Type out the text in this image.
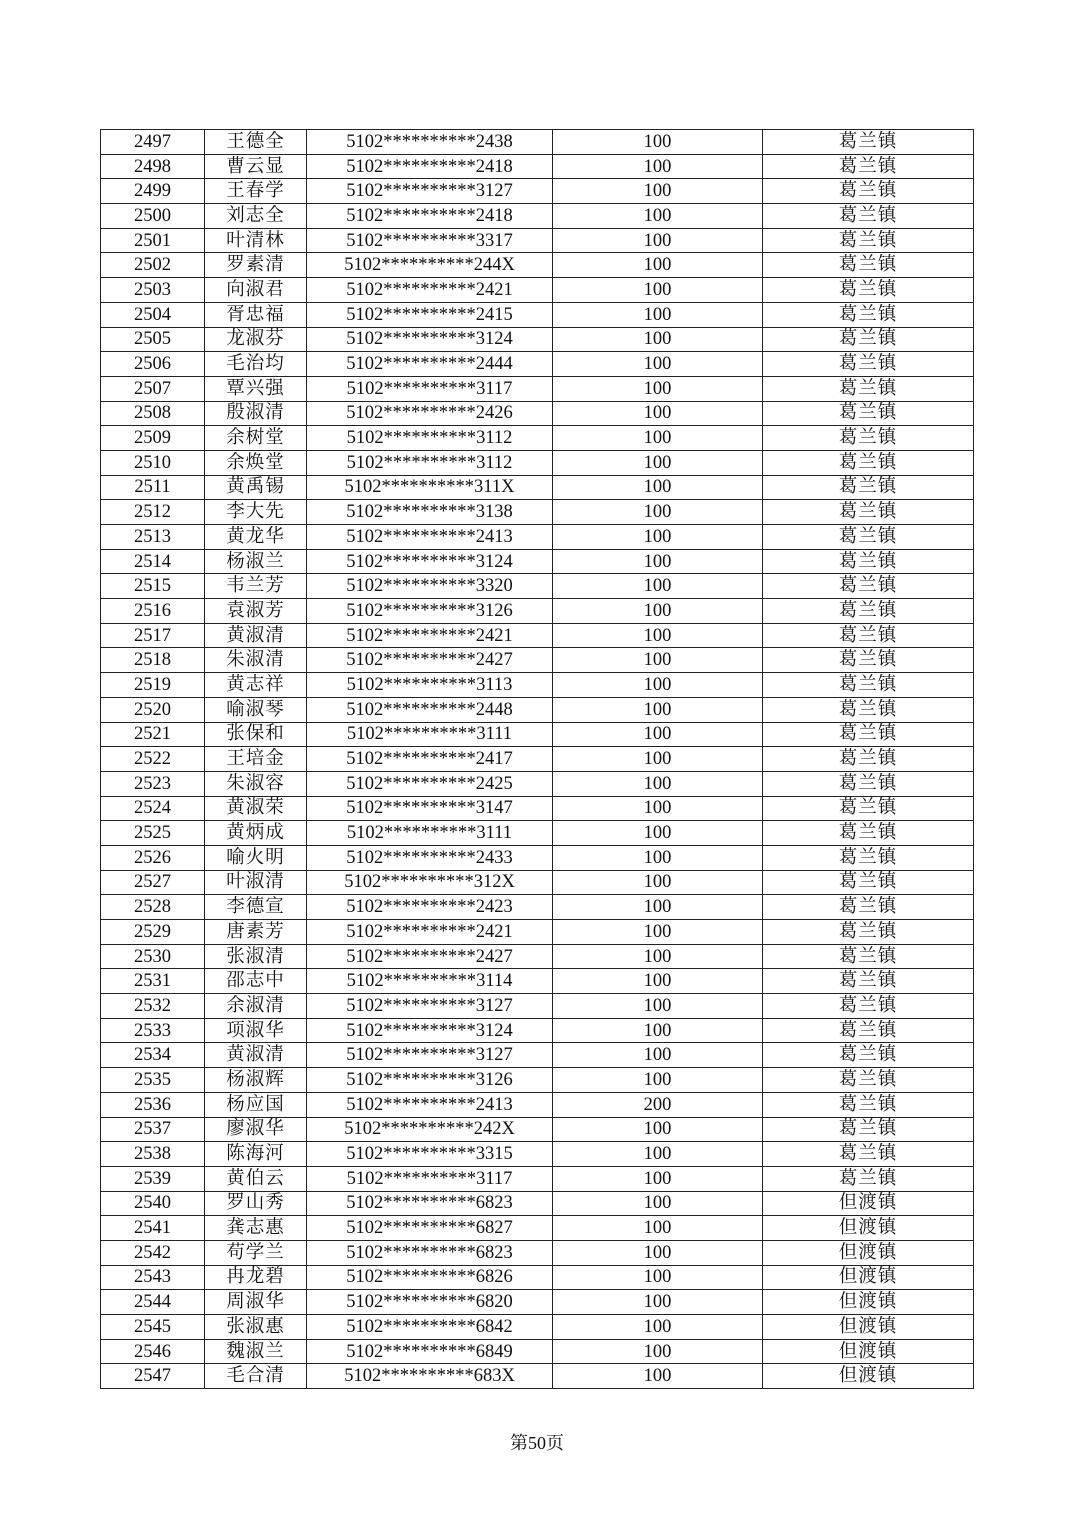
2497	王德全	5102**********2438	100	葛兰镇
2498	曹云显	5102**********2418	100	葛兰镇
2499	王春学	5102**********3127	100	葛兰镇
2500	刘志全	5102**********2418	100	葛兰镇
2501	叶清林	5102**********3317	100	葛兰镇
2502	罗素清	5102**********244X	100	葛兰镇
2503	向淑君	5102**********2421	100	葛兰镇
2504	胥忠福	5102**********2415	100	葛兰镇
2505	龙淑芬	5102**********3124	100	葛兰镇
2506	毛治均	5102**********2444	100	葛兰镇
2507	覃兴强	5102**********3117	100	葛兰镇
2508	殷淑清	5102**********2426	100	葛兰镇
2509	余树堂	5102**********3112	100	葛兰镇
2510	余焕堂	5102**********3112	100	葛兰镇
2511	黄禹锡	5102**********311X	100	葛兰镇
2512	李大先	5102**********3138	100	葛兰镇
2513	黄龙华	5102**********2413	100	葛兰镇
2514	杨淑兰	5102**********3124	100	葛兰镇
2515	韦兰芳	5102**********3320	100	葛兰镇
2516	袁淑芳	5102**********3126	100	葛兰镇
2517	黄淑清	5102**********2421	100	葛兰镇
2518	朱淑清	5102**********2427	100	葛兰镇
2519	黄志祥	5102**********3113	100	葛兰镇
2520	喻淑琴	5102**********2448	100	葛兰镇
2521	张保和	5102**********3111	100	葛兰镇
2522	王培金	5102**********2417	100	葛兰镇
2523	朱淑容	5102**********2425	100	葛兰镇
2524	黄淑荣	5102**********3147	100	葛兰镇
2525	黄炳成	5102**********3111	100	葛兰镇
2526	喻火明	5102**********2433	100	葛兰镇
2527	叶淑清	5102**********312X	100	葛兰镇
2528	李德宣	5102**********2423	100	葛兰镇
2529	唐素芳	5102**********2421	100	葛兰镇
2530	张淑清	5102**********2427	100	葛兰镇
2531	邵志中	5102**********3114	100	葛兰镇
2532	余淑清	5102**********3127	100	葛兰镇
2533	项淑华	5102**********3124	100	葛兰镇
2534	黄淑清	5102**********3127	100	葛兰镇
2535	杨淑辉	5102**********3126	100	葛兰镇
2536	杨应国	5102**********2413	200	葛兰镇
2537	廖淑华	5102**********242X	100	葛兰镇
2538	陈海河	5102**********3315	100	葛兰镇
2539	黄伯云	5102**********3117	100	葛兰镇
2540	罗山秀	5102**********6823	100	但渡镇
2541	龚志惠	5102**********6827	100	但渡镇
2542	苟学兰	5102**********6823	100	但渡镇
2543	冉龙碧	5102**********6826	100	但渡镇
2544	周淑华	5102**********6820	100	但渡镇
2545	张淑惠	5102**********6842	100	但渡镇
2546	魏淑兰	5102**********6849	100	但渡镇
2547	毛合清	5102**********683X	100	但渡镇
第50页
